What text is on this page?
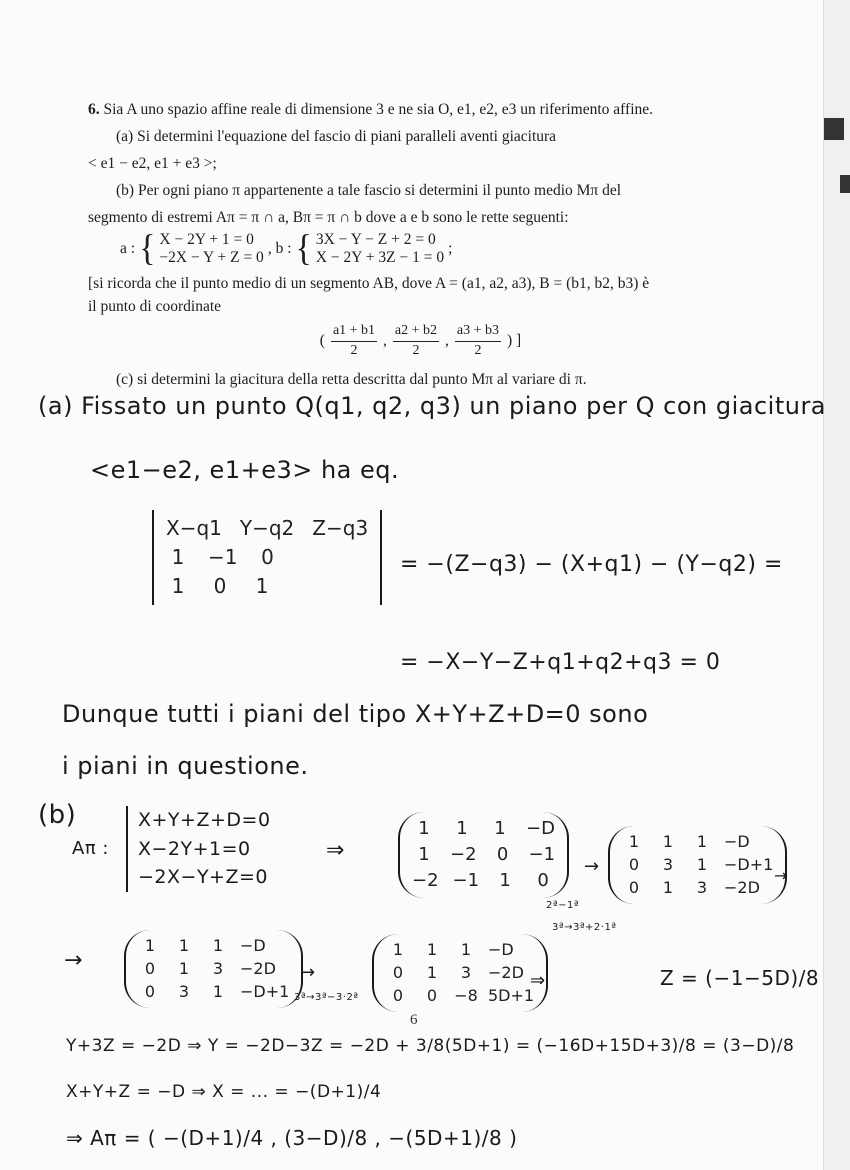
6. Sia A uno spazio affine reale di dimensione 3 e ne sia O, e1, e2, e3 un riferimento affine.

(a) Si determini l'equazione del fascio di piani paralleli aventi giacitura

< e1 − e2, e1 + e3 >;

(b) Per ogni piano π appartenente a tale fascio si determini il punto medio Mπ del

segmento di estremi Aπ = π ∩ a, Bπ = π ∩ b dove a e b sono le rette seguenti:

a : { X − 2Y + 1 = 0
−2X − Y + Z = 0
, b : { 3X − Y − Z + 2 = 0
X − 2Y + 3Z − 1 = 0
;

[si ricorda che il punto medio di un segmento AB, dove A = (a1, a2, a3), B = (b1, b2, b3) è

il punto di coordinate

( $\frac{a1 + b1}{2}$ , $\frac{a2 + b2}{2}$ , $\frac{a3 + b3}{2}$ ) ]

(c) si determini la giacitura della retta descritta dal punto Mπ al variare di π.

(a) Fissato un punto Q(q1, q2, q3) un piano per Q con giacitura
<e1−e2, e1+e3> ha eq.
X−q1 Y−q2 Z−q3
1 −1 0
1 0 1
= −(Z−q3) − (X+q1) − (Y−q2) =
= −X−Y−Z+q1+q2+q3 = 0
Dunque tutti i piani del tipo X+Y+Z+D=0 sono
i piani in questione.
(b)
Aπ :
X+Y+Z+D=0
X−2Y+1=0
−2X−Y+Z=0
⇒
1	1	1	−D
1	−2	0	−1
−2 −1	1	0
→
1	1	1	−D
0	3	1	−D+1
0	1	3	−2D
→
2ª−1ª
3ª→3ª+2·1ª
→
1	1	1	−D
0	1	3	−2D
0	3	1	−D+1
→
3ª→3ª−3·2ª
1	1	1	−D
0	1	3	−2D
0	0	−8 5D+1
⇒	Z = (−1−5D)/8
6
Y+3Z = −2D ⇒ Y = −2D−3Z = −2D + 3/8(5D+1) = (−16D+15D+3)/8 = (3−D)/8
X+Y+Z = −D ⇒ X = ... = −(D+1)/4
⇒ Aπ = ( −(D+1)/4 , (3−D)/8 , −(5D+1)/8 )
